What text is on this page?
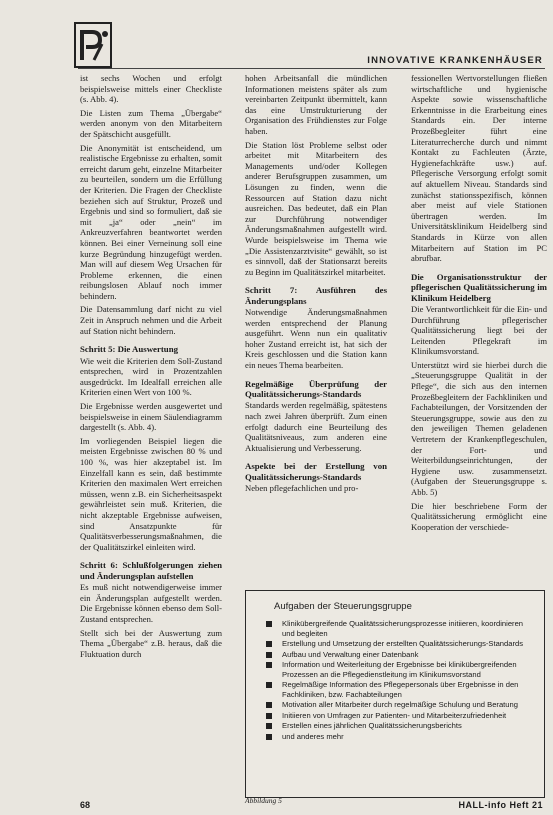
INNOVATIVE KRANKENHÄUSER

ist sechs Wochen und erfolgt beispielsweise mittels einer Checkliste (s. Abb. 4).

Die Listen zum Thema „Übergabe“ werden anonym von den Mitarbeitern der Spätschicht ausgefüllt.

Die Anonymität ist entscheidend, um realistische Ergebnisse zu erhalten, somit erreicht darum geht, einzelne Mitarbeiter zu beurteilen, sondern um die Erfüllung der Kriterien. Die Fragen der Checkliste beziehen sich auf Struktur, Prozeß und Ergebnis und sind so formuliert, daß sie mit „ja“ oder „nein“ im Ankreuzverfahren beantwortet werden können. Bei einer Verneinung soll eine kurze Begründung hinzugefügt werden. Man will auf diesem Weg Ursachen für Probleme erkennen, die einen reibungslosen Ablauf noch immer behindern.

Die Datensammlung darf nicht zu viel Zeit in Anspruch nehmen und die Arbeit auf Station nicht behindern.

Schritt 5: Die Auswertung

Wie weit die Kriterien dem Soll-Zustand entsprechen, wird in Prozentzahlen ausgedrückt. Im Idealfall erreichen alle Kriterien einen Wert von 100 %.

Die Ergebnisse werden ausgewertet und beispielsweise in einem Säulendiagramm dargestellt (s. Abb. 4).

Im vorliegenden Beispiel liegen die meisten Ergebnisse zwischen 80 % und 100 %, was hier akzeptabel ist. Im Einzelfall kann es sein, daß bestimmte Kriterien den maximalen Wert erreichen müssen, wenn z.B. ein Sicherheitsaspekt gewährleistet sein muß. Kriterien, die nicht akzeptable Ergebnisse aufweisen, sind Ansatzpunkte für Qualitätsverbesserungsmaßnahmen, die der Qualitätszirkel einleiten wird.

Schritt 6: Schlußfolgerungen ziehen und Änderungsplan aufstellen

Es muß nicht notwendigerweise immer ein Änderungsplan aufgestellt werden. Die Ergebnisse können ebenso dem Soll-Zustand entsprechen.

Stellt sich bei der Auswertung zum Thema „Übergabe“ z.B. heraus, daß die Fluktuation durch

hohen Arbeitsanfall die mündlichen Informationen meistens später als zum vereinbarten Zeitpunkt übermittelt, kann das eine Umstrukturierung der Organisation des Frühdienstes zur Folge haben.

Die Station löst Probleme selbst oder arbeitet mit Mitarbeitern des Managements und/oder Kollegen anderer Berufsgruppen zusammen, um Lösungen zu finden, wenn die Ressourcen auf Station dazu nicht ausreichen. Das bedeutet, daß ein Plan zur Durchführung notwendiger Änderungsmaßnahmen aufgestellt wird. Wurde beispielsweise im Thema wie „Die Assistenzarztvisite“ gewählt, so ist es sinnvoll, daß der Stationsarzt bereits zu Beginn im Qualitätszirkel mitarbeitet.

Schritt 7: Ausführen des Änderungsplans

Notwendige Änderungsmaßnahmen werden entsprechend der Planung ausgeführt. Wenn nun ein qualitativ hoher Zustand erreicht ist, hat sich der Kreis geschlossen und die Station kann ein neues Thema bearbeiten.

Regelmäßige Überprüfung der Qualitätssicherungs-Standards

Standards werden regelmäßig, spätestens nach zwei Jahren überprüft. Zum einen erfolgt dadurch eine Beurteilung des Qualitätsniveaus, zum anderen eine Aktualisierung und Verbesserung.

Aspekte bei der Erstellung von Qualitätssicherungs-Standards

Neben pflegefachlichen und pro-

fessionellen Wertvorstellungen fließen wirtschaftliche und hygienische Aspekte sowie wissenschaftliche Erkenntnisse in die Erarbeitung eines Standards ein. Der interne Prozeßbegleiter führt eine Literaturrecherche durch und nimmt Kontakt zu Fachleuten (Ärzte, Hygienefachkräfte usw.) auf. Pflegerische Versorgung erfolgt somit auf aktuellem Niveau. Standards sind zunächst stationsspezifisch, können aber meist auf viele Stationen übertragen werden. Im Universitätsklinikum Heidelberg sind Standards in Kürze von allen Mitarbeitern auf Station im PC abrufbar.

Die Organisationsstruktur der pflegerischen Qualitätssicherung im Klinikum Heidelberg

Die Verantwortlichkeit für die Ein- und Durchführung pflegerischer Qualitätssicherung liegt bei der Leitenden Pflegekraft im Klinikumsvorstand.

Unterstützt wird sie hierbei durch die „Steuerungsgruppe Qualität in der Pflege“, die sich aus den internen Prozeßbegleitern der Fachkliniken und Fachabteilungen, der Vorsitzenden der Steuerungsgruppe, sowie aus den zu den jeweiligen Themen geladenen Vertretern der Krankenpflegeschulen, der Fort- und Weiterbildungseinrichtungen, der Hygiene usw. zusammensetzt. (Aufgaben der Steuerungsgruppe s. Abb. 5)

Die hier beschriebene Form der Qualitätssicherung ermöglicht eine Kooperation der verschiede-

Aufgaben der Steuerungsgruppe
Klinikübergreifende Qualitätssicherungsprozesse initiieren, koordinieren und begleiten
Erstellung und Umsetzung der erstellten Qualitätssicherungs-Standards
Aufbau und Verwaltung einer Datenbank
Information und Weiterleitung der Ergebnisse bei klinikübergreifenden Prozessen an die Pflegedienstleitung im Klinikumsvorstand
Regelmäßige Information des Pflegepersonals über Ergebnisse in den Fachkliniken, bzw. Fachabteilungen
Motivation aller Mitarbeiter durch regelmäßige Schulung und Beratung
Initiieren von Umfragen zur Patienten- und Mitarbeiterzufriedenheit
Erstellen eines jährlichen Qualitätssicherungsberichts
und anderes mehr
Abbildung 5
68	HALL-info Heft 21
